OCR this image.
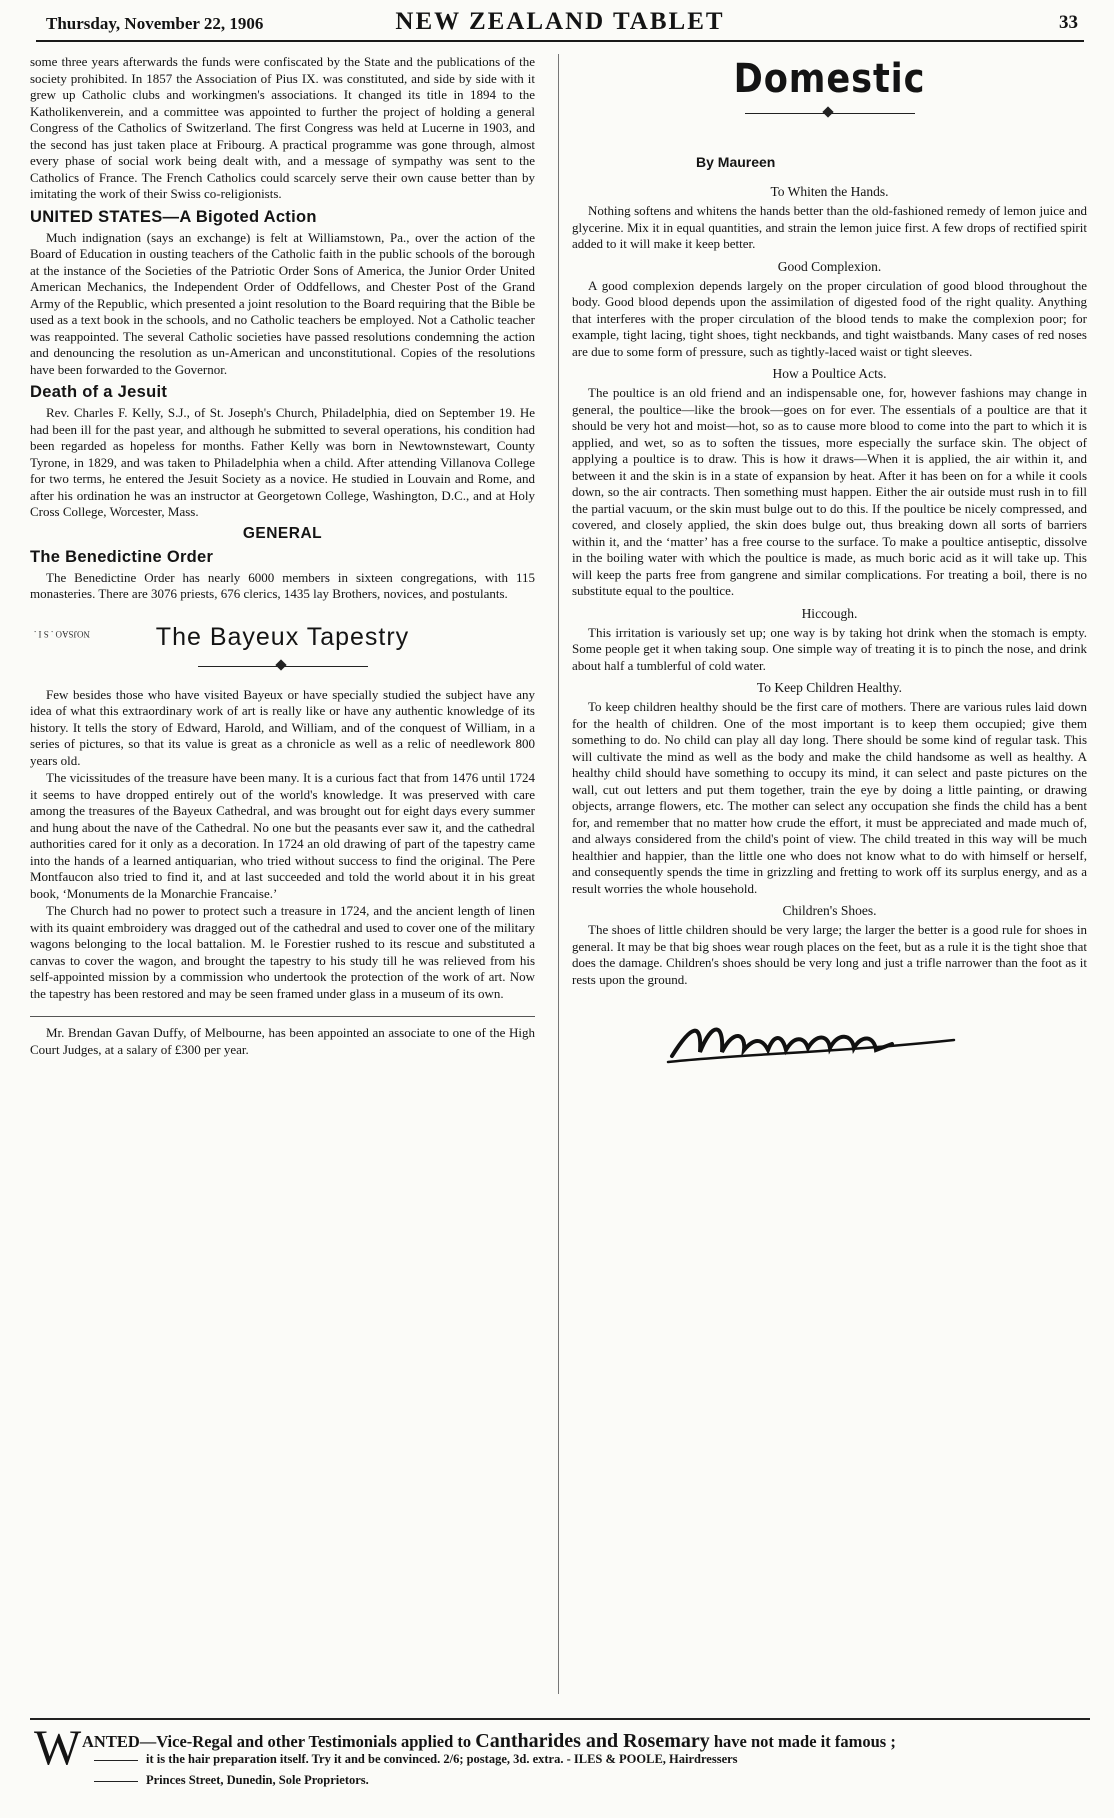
Thursday, November 22, 1906	NEW ZEALAND TABLET	33

some three years afterwards the funds were confiscated by the State and the publications of the society prohibited. In 1857 the Association of Pius IX. was constituted, and side by side with it grew up Catholic clubs and workingmen's associations. It changed its title in 1894 to the Katholikenverein, and a committee was appointed to further the project of holding a general Congress of the Catholics of Switzerland. The first Congress was held at Lucerne in 1903, and the second has just taken place at Fribourg. A practical programme was gone through, almost every phase of social work being dealt with, and a message of sympathy was sent to the Catholics of France. The French Catholics could scarcely serve their own cause better than by imitating the work of their Swiss co-religionists.

UNITED STATES—A Bigoted Action

Much indignation (says an exchange) is felt at Williamstown, Pa., over the action of the Board of Education in ousting teachers of the Catholic faith in the public schools of the borough at the instance of the Societies of the Patriotic Order Sons of America, the Junior Order United American Mechanics, the Independent Order of Oddfellows, and Chester Post of the Grand Army of the Republic, which presented a joint resolution to the Board requiring that the Bible be used as a text book in the schools, and no Catholic teachers be employed. Not a Catholic teacher was reappointed. The several Catholic societies have passed resolutions condemning the action and denouncing the resolution as un-American and unconstitutional. Copies of the resolutions have been forwarded to the Governor.

Death of a Jesuit

Rev. Charles F. Kelly, S.J., of St. Joseph's Church, Philadelphia, died on September 19. He had been ill for the past year, and although he submitted to several operations, his condition had been regarded as hopeless for months. Father Kelly was born in Newtownstewart, County Tyrone, in 1829, and was taken to Philadelphia when a child. After attending Villanova College for two terms, he entered the Jesuit Society as a novice. He studied in Louvain and Rome, and after his ordination he was an instructor at Georgetown College, Washington, D.C., and at Holy Cross College, Worcester, Mass.

GENERAL
The Benedictine Order

The Benedictine Order has nearly 6000 members in sixteen congregations, with 115 monasteries. There are 3076 priests, 676 clerics, 1435 lay Brothers, novices, and postulants.

NOJSAO . S I .	The Bayeux Tapestry

Few besides those who have visited Bayeux or have specially studied the subject have any idea of what this extraordinary work of art is really like or have any authentic knowledge of its history. It tells the story of Edward, Harold, and William, and of the conquest of William, in a series of pictures, so that its value is great as a chronicle as well as a relic of needlework 800 years old.

The vicissitudes of the treasure have been many. It is a curious fact that from 1476 until 1724 it seems to have dropped entirely out of the world's knowledge. It was preserved with care among the treasures of the Bayeux Cathedral, and was brought out for eight days every summer and hung about the nave of the Cathedral. No one but the peasants ever saw it, and the cathedral authorities cared for it only as a decoration. In 1724 an old drawing of part of the tapestry came into the hands of a learned antiquarian, who tried without success to find the original. The Pere Montfaucon also tried to find it, and at last succeeded and told the world about it in his great book, ‘Monuments de la Monarchie Francaise.’

The Church had no power to protect such a treasure in 1724, and the ancient length of linen with its quaint embroidery was dragged out of the cathedral and used to cover one of the military wagons belonging to the local battalion. M. le Forestier rushed to its rescue and substituted a canvas to cover the wagon, and brought the tapestry to his study till he was relieved from his self-appointed mission by a commission who undertook the protection of the work of art. Now the tapestry has been restored and may be seen framed under glass in a museum of its own.

Mr. Brendan Gavan Duffy, of Melbourne, has been appointed an associate to one of the High Court Judges, at a salary of £300 per year.

Domestic
By Maureen
To Whiten the Hands.

Nothing softens and whitens the hands better than the old-fashioned remedy of lemon juice and glycerine. Mix it in equal quantities, and strain the lemon juice first. A few drops of rectified spirit added to it will make it keep better.

Good Complexion.

A good complexion depends largely on the proper circulation of good blood throughout the body. Good blood depends upon the assimilation of digested food of the right quality. Anything that interferes with the proper circulation of the blood tends to make the complexion poor; for example, tight lacing, tight shoes, tight neckbands, and tight waistbands. Many cases of red noses are due to some form of pressure, such as tightly-laced waist or tight sleeves.

How a Poultice Acts.

The poultice is an old friend and an indispensable one, for, however fashions may change in general, the poultice—like the brook—goes on for ever. The essentials of a poultice are that it should be very hot and moist—hot, so as to cause more blood to come into the part to which it is applied, and wet, so as to soften the tissues, more especially the surface skin. The object of applying a poultice is to draw. This is how it draws—When it is applied, the air within it, and between it and the skin is in a state of expansion by heat. After it has been on for a while it cools down, so the air contracts. Then something must happen. Either the air outside must rush in to fill the partial vacuum, or the skin must bulge out to do this. If the poultice be nicely compressed, and covered, and closely applied, the skin does bulge out, thus breaking down all sorts of barriers within it, and the ‘matter’ has a free course to the surface. To make a poultice antiseptic, dissolve in the boiling water with which the poultice is made, as much boric acid as it will take up. This will keep the parts free from gangrene and similar complications. For treating a boil, there is no substitute equal to the poultice.

Hiccough.

This irritation is variously set up; one way is by taking hot drink when the stomach is empty. Some people get it when taking soup. One simple way of treating it is to pinch the nose, and drink about half a tumblerful of cold water.

To Keep Children Healthy.

To keep children healthy should be the first care of mothers. There are various rules laid down for the health of children. One of the most important is to keep them occupied; give them something to do. No child can play all day long. There should be some kind of regular task. This will cultivate the mind as well as the body and make the child handsome as well as healthy. A healthy child should have something to occupy its mind, it can select and paste pictures on the wall, cut out letters and put them together, train the eye by doing a little painting, or drawing objects, arrange flowers, etc. The mother can select any occupation she finds the child has a bent for, and remember that no matter how crude the effort, it must be appreciated and made much of, and always considered from the child's point of view. The child treated in this way will be much healthier and happier, than the little one who does not know what to do with himself or herself, and consequently spends the time in grizzling and fretting to work off its surplus energy, and as a result worries the whole household.

Children's Shoes.

The shoes of little children should be very large; the larger the better is a good rule for shoes in general. It may be that big shoes wear rough places on the feet, but as a rule it is the tight shoe that does the damage. Children's shoes should be very long and just a trifle narrower than the foot as it rests upon the ground.

W ANTED—Vice-Regal and other Testimonials applied to Cantharides and Rosemary have not made it famous ;
it is the hair preparation itself. Try it and be convinced. 2/6; postage, 3d. extra. - ILES & POOLE, Hairdressers
Princes Street, Dunedin, Sole Proprietors.
